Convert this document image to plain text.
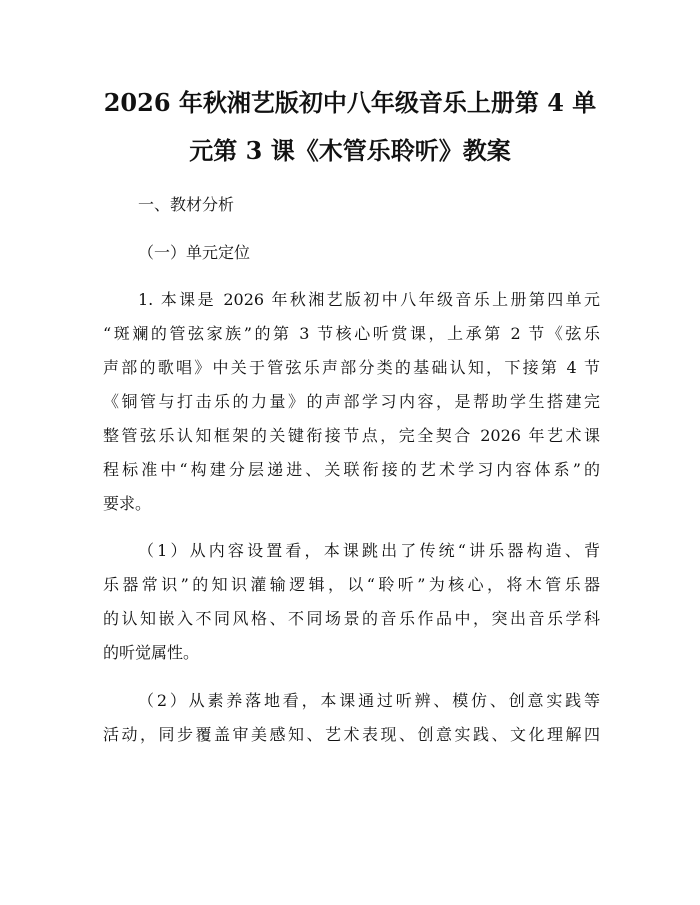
2026 年秋湘艺版初中八年级音乐上册第 4 单
元第 3 课《木管乐聆听》教案

一、教材分析

（一）单元定位

1. 本课是 2026 年秋湘艺版初中八年级音乐上册第四单元

“斑斓的管弦家族”的第 3 节核心听赏课，上承第 2 节《弦乐

声部的歌唱》中关于管弦乐声部分类的基础认知，下接第 4 节

《铜管与打击乐的力量》的声部学习内容，是帮助学生搭建完

整管弦乐认知框架的关键衔接节点，完全契合 2026 年艺术课

程标准中“构建分层递进、关联衔接的艺术学习内容体系”的

要求。

（1）从内容设置看，本课跳出了传统“讲乐器构造、背

乐器常识”的知识灌输逻辑，以“聆听”为核心，将木管乐器

的认知嵌入不同风格、不同场景的音乐作品中，突出音乐学科

的听觉属性。

（2）从素养落地看，本课通过听辨、模仿、创意实践等

活动，同步覆盖审美感知、艺术表现、创意实践、文化理解四
